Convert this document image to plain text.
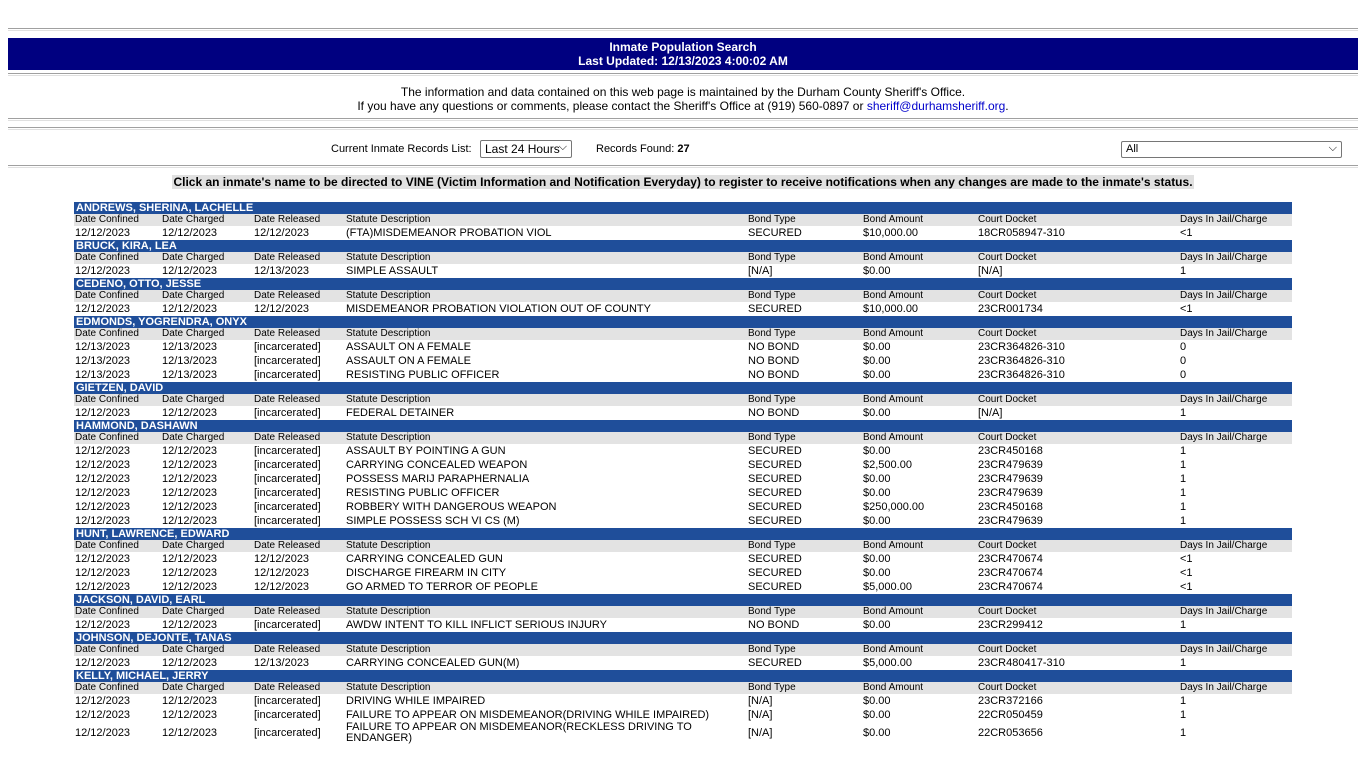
Inmate Population Search
Last Updated: 12/13/2023 4:00:02 AM
The information and data contained on this web page is maintained by the Durham County Sheriff's Office.
If you have any questions or comments, please contact the Sheriff's Office at (919) 560-0897 or sheriff@durhamsheriff.org.
Current Inmate Records List:	Last 24 Hours
⌵	Records Found: 27	All	⌵
Click an inmate's name to be directed to VINE (Victim Information and Notification Everyday) to register to receive notifications when any changes are made to the inmate's status.
ANDREWS, SHERINA, LACHELLE							
Date Confined	Date Charged	Date Released	Statute Description	Bond Type	Bond Amount	Court Docket	Days In Jail/Charge
12/12/2023	12/12/2023	12/12/2023	(FTA)MISDEMEANOR PROBATION VIOL	SECURED	$10,000.00	18CR058947-310	<1
BRUCK, KIRA, LEA							
Date Confined	Date Charged	Date Released	Statute Description	Bond Type	Bond Amount	Court Docket	Days In Jail/Charge
12/12/2023	12/12/2023	12/13/2023	SIMPLE ASSAULT	[N/A]	$0.00	[N/A]	1
CEDENO, OTTO, JESSE							
Date Confined	Date Charged	Date Released	Statute Description	Bond Type	Bond Amount	Court Docket	Days In Jail/Charge
12/12/2023	12/12/2023	12/12/2023	MISDEMEANOR PROBATION VIOLATION OUT OF COUNTY	SECURED	$10,000.00	23CR001734	<1
EDMONDS, YOGRENDRA, ONYX							
Date Confined	Date Charged	Date Released	Statute Description	Bond Type	Bond Amount	Court Docket	Days In Jail/Charge
12/13/2023	12/13/2023	[incarcerated]	ASSAULT ON A FEMALE	NO BOND	$0.00	23CR364826-310	0
12/13/2023	12/13/2023	[incarcerated]	ASSAULT ON A FEMALE	NO BOND	$0.00	23CR364826-310	0
12/13/2023	12/13/2023	[incarcerated]	RESISTING PUBLIC OFFICER	NO BOND	$0.00	23CR364826-310	0
GIETZEN, DAVID							
Date Confined	Date Charged	Date Released	Statute Description	Bond Type	Bond Amount	Court Docket	Days In Jail/Charge
12/12/2023	12/12/2023	[incarcerated]	FEDERAL DETAINER	NO BOND	$0.00	[N/A]	1
HAMMOND, DASHAWN							
Date Confined	Date Charged	Date Released	Statute Description	Bond Type	Bond Amount	Court Docket	Days In Jail/Charge
12/12/2023	12/12/2023	[incarcerated]	ASSAULT BY POINTING A GUN	SECURED	$0.00	23CR450168	1
12/12/2023	12/12/2023	[incarcerated]	CARRYING CONCEALED WEAPON	SECURED	$2,500.00	23CR479639	1
12/12/2023	12/12/2023	[incarcerated]	POSSESS MARIJ PARAPHERNALIA	SECURED	$0.00	23CR479639	1
12/12/2023	12/12/2023	[incarcerated]	RESISTING PUBLIC OFFICER	SECURED	$0.00	23CR479639	1
12/12/2023	12/12/2023	[incarcerated]	ROBBERY WITH DANGEROUS WEAPON	SECURED	$250,000.00	23CR450168	1
12/12/2023	12/12/2023	[incarcerated]	SIMPLE POSSESS SCH VI CS (M)	SECURED	$0.00	23CR479639	1
HUNT, LAWRENCE, EDWARD							
Date Confined	Date Charged	Date Released	Statute Description	Bond Type	Bond Amount	Court Docket	Days In Jail/Charge
12/12/2023	12/12/2023	12/12/2023	CARRYING CONCEALED GUN	SECURED	$0.00	23CR470674	<1
12/12/2023	12/12/2023	12/12/2023	DISCHARGE FIREARM IN CITY	SECURED	$0.00	23CR470674	<1
12/12/2023	12/12/2023	12/12/2023	GO ARMED TO TERROR OF PEOPLE	SECURED	$5,000.00	23CR470674	<1
JACKSON, DAVID, EARL							
Date Confined	Date Charged	Date Released	Statute Description	Bond Type	Bond Amount	Court Docket	Days In Jail/Charge
12/12/2023	12/12/2023	[incarcerated]	AWDW INTENT TO KILL INFLICT SERIOUS INJURY	NO BOND	$0.00	23CR299412	1
JOHNSON, DEJONTE, TANAS							
Date Confined	Date Charged	Date Released	Statute Description	Bond Type	Bond Amount	Court Docket	Days In Jail/Charge
12/12/2023	12/12/2023	12/13/2023	CARRYING CONCEALED GUN(M)	SECURED	$5,000.00	23CR480417-310	1
KELLY, MICHAEL, JERRY							
Date Confined	Date Charged	Date Released	Statute Description	Bond Type	Bond Amount	Court Docket	Days In Jail/Charge
12/12/2023	12/12/2023	[incarcerated]	DRIVING WHILE IMPAIRED	[N/A]	$0.00	23CR372166	1
12/12/2023	12/12/2023	[incarcerated]	FAILURE TO APPEAR ON MISDEMEANOR(DRIVING WHILE IMPAIRED)	[N/A]	$0.00	22CR050459	1
12/12/2023	12/12/2023	[incarcerated]	FAILURE TO APPEAR ON MISDEMEANOR(RECKLESS DRIVING TO ENDANGER)	[N/A]	$0.00	22CR053656	1
